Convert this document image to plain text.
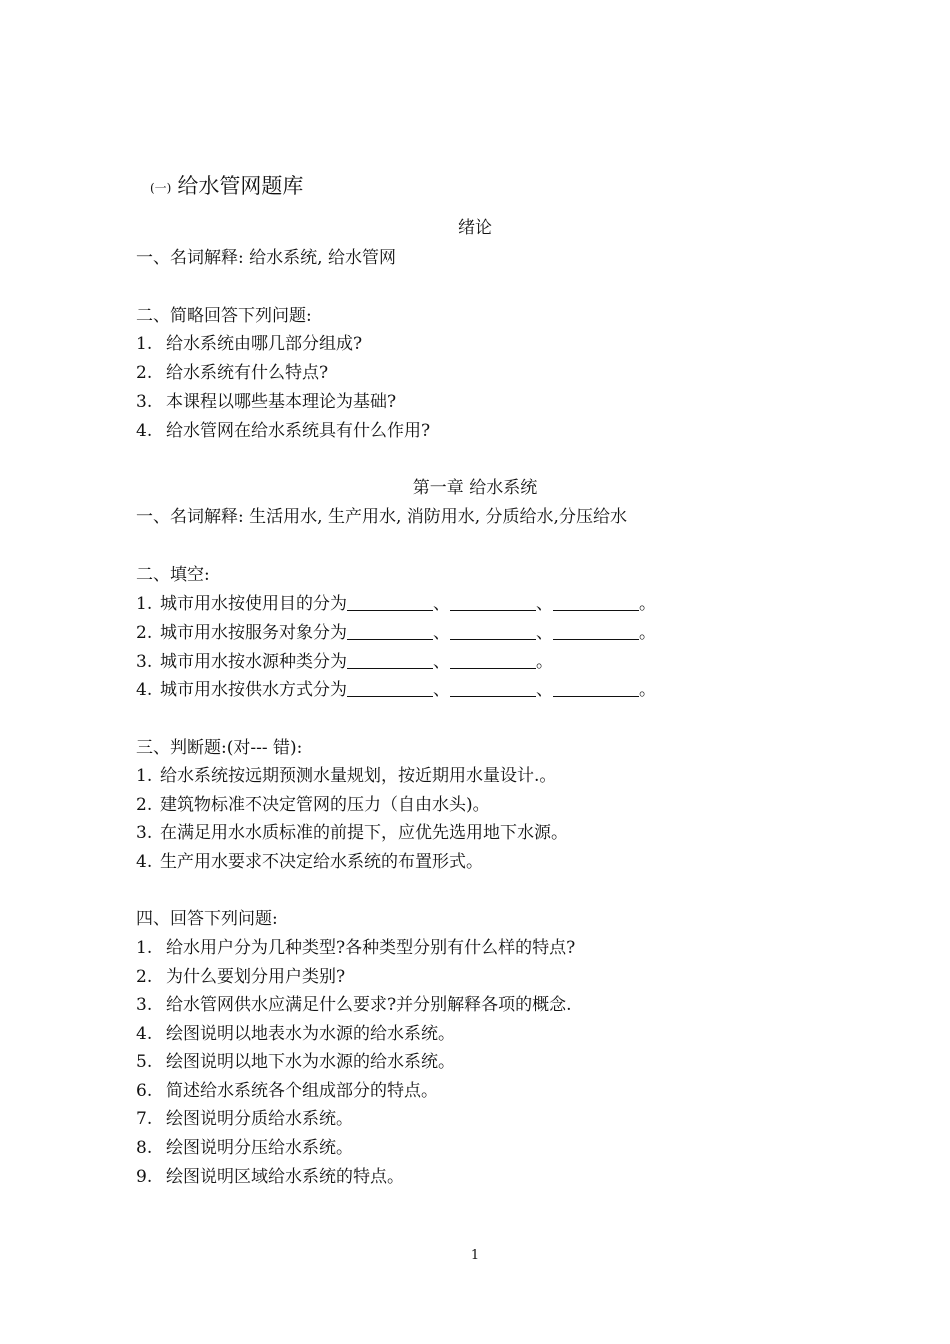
(一) 给水管网题库
绪论
一、名词解释: 给水系统, 给水管网
二、简略回答下列问题:
1. 给水系统由哪几部分组成?
2. 给水系统有什么特点?
3. 本课程以哪些基本理论为基础?
4. 给水管网在给水系统具有什么作用?
第一章 给水系统
一、名词解释: 生活用水, 生产用水, 消防用水, 分质给水,分压给水
二、填空:
1. 城市用水按使用目的分为	、	、	。
2. 城市用水按服务对象分为	、	、	。
3. 城市用水按水源种类分为	、	。
4. 城市用水按供水方式分为	、	、	。
三、判断题:(对--- 错):
1. 给水系统按远期预测水量规划，按近期用水量设计.。
2. 建筑物标准不决定管网的压力（自由水头)。
3. 在满足用水水质标准的前提下，应优先选用地下水源。
4. 生产用水要求不决定给水系统的布置形式。
四、回答下列问题:
1. 给水用户分为几种类型?各种类型分别有什么样的特点?
2. 为什么要划分用户类别?
3. 给水管网供水应满足什么要求?并分别解释各项的概念.
4. 绘图说明以地表水为水源的给水系统。
5. 绘图说明以地下水为水源的给水系统。
6. 简述给水系统各个组成部分的特点。
7. 绘图说明分质给水系统。
8. 绘图说明分压给水系统。
9. 绘图说明区域给水系统的特点。
1
